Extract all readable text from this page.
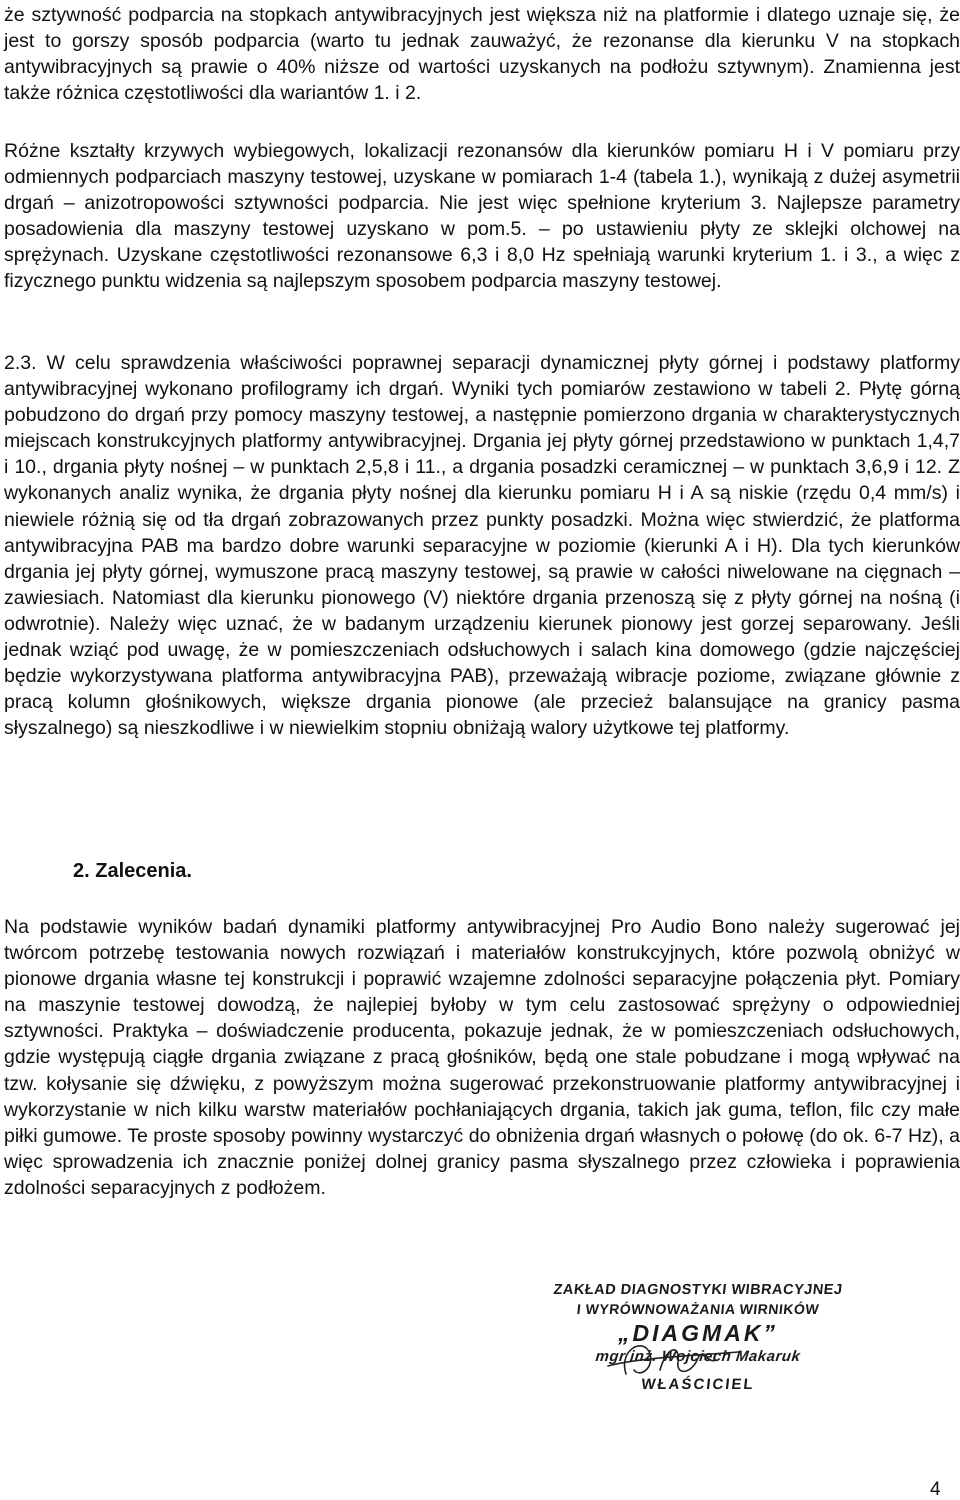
że sztywność podparcia na stopkach antywibracyjnych jest większa niż na platformie i dlatego uznaje się, że jest to gorszy sposób podparcia (warto tu jednak zauważyć, że rezonanse dla kierunku V na stopkach antywibracyjnych są prawie o 40% niższe od wartości uzyskanych na podłożu sztywnym). Znamienna jest także różnica częstotliwości dla wariantów 1. i 2.

Różne kształty krzywych wybiegowych, lokalizacji rezonansów dla kierunków pomiaru H i V pomiaru przy odmiennych podparciach maszyny testowej, uzyskane w pomiarach 1-4 (tabela 1.), wynikają z dużej asymetrii drgań – anizotropowości sztywności podparcia. Nie jest więc spełnione kryterium 3. Najlepsze parametry posadowienia dla maszyny testowej uzyskano w pom.5. – po ustawieniu płyty ze sklejki olchowej na sprężynach. Uzyskane częstotliwości rezonansowe 6,3 i 8,0 Hz spełniają warunki kryterium 1. i 3., a więc z fizycznego punktu widzenia są najlepszym sposobem podparcia maszyny testowej.

2.3. W celu sprawdzenia właściwości poprawnej separacji dynamicznej płyty górnej i podstawy platformy antywibracyjnej wykonano profilogramy ich drgań. Wyniki tych pomiarów zestawiono w tabeli 2. Płytę górną pobudzono do drgań przy pomocy maszyny testowej, a następnie pomierzono drgania w charakterystycznych miejscach konstrukcyjnych platformy antywibracyjnej. Drgania jej płyty górnej przedstawiono w punktach 1,4,7 i 10., drgania płyty nośnej – w punktach 2,5,8 i 11., a drgania posadzki ceramicznej – w punktach 3,6,9 i 12. Z wykonanych analiz wynika, że drgania płyty nośnej dla kierunku pomiaru H i A są niskie (rzędu 0,4 mm/s) i niewiele różnią się od tła drgań zobrazowanych przez punkty posadzki. Można więc stwierdzić, że platforma antywibracyjna PAB ma bardzo dobre warunki separacyjne w poziomie (kierunki A i H). Dla tych kierunków drgania jej płyty górnej, wymuszone pracą maszyny testowej, są prawie w całości niwelowane na cięgnach – zawiesiach. Natomiast dla kierunku pionowego (V) niektóre drgania przenoszą się z płyty górnej na nośną (i odwrotnie). Należy więc uznać, że w badanym urządzeniu kierunek pionowy jest gorzej separowany. Jeśli jednak wziąć pod uwagę, że w pomieszczeniach odsłuchowych i salach kina domowego (gdzie najczęściej będzie wykorzystywana platforma antywibracyjna PAB), przeważają wibracje poziome, związane głównie z pracą kolumn głośnikowych, większe drgania pionowe (ale przecież balansujące na granicy pasma słyszalnego) są nieszkodliwe i w niewielkim stopniu obniżają walory użytkowe tej platformy.

2. Zalecenia.

Na podstawie wyników badań dynamiki platformy antywibracyjnej Pro Audio Bono należy sugerować jej twórcom potrzebę testowania nowych rozwiązań i materiałów konstrukcyjnych, które pozwolą obniżyć w pionowe drgania własne tej konstrukcji i poprawić wzajemne zdolności separacyjne połączenia płyt. Pomiary na maszynie testowej dowodzą, że najlepiej byłoby w tym celu zastosować sprężyny o odpowiedniej sztywności. Praktyka – doświadczenie producenta, pokazuje jednak, że w pomieszczeniach odsłuchowych, gdzie występują ciągłe drgania związane z pracą głośników, będą one stale pobudzane i mogą wpływać na tzw. kołysanie się dźwięku, z powyższym można sugerować przekonstruowanie platformy antywibracyjnej i wykorzystanie w nich kilku warstw materiałów pochłaniających drgania, takich jak guma, teflon, filc czy małe piłki gumowe. Te proste sposoby powinny wystarczyć do obniżenia drgań własnych o połowę (do ok. 6-7 Hz), a więc sprowadzenia ich znacznie poniżej dolnej granicy pasma słyszalnego przez człowieka i poprawienia zdolności separacyjnych z podłożem.

ZAKŁAD DIAGNOSTYKI WIBRACYJNEJ
I WYRÓWNOWAŻANIA WIRNIKÓW
„DIAGMAK”
mgr inż. Wojciech Makaruk
WŁAŚCICIEL
4
